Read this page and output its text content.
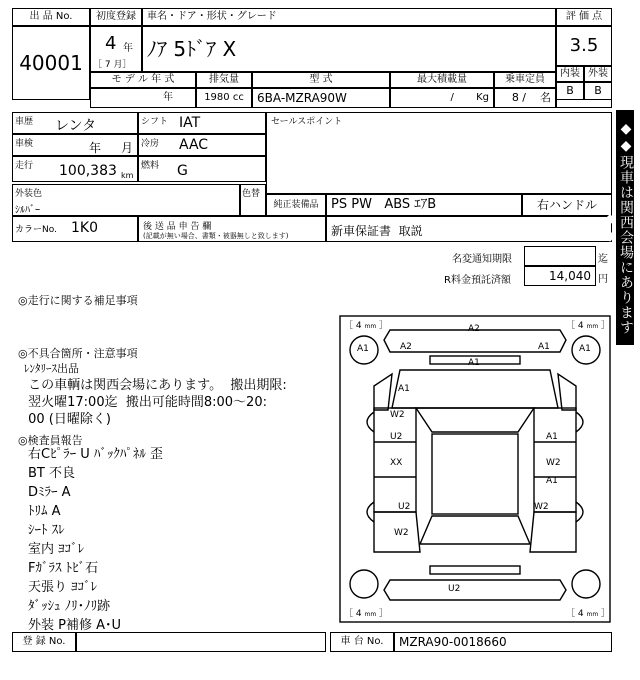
出 品 No.
40001
初度登録
4 年
［ 7 月］
車名・ドア・形状・グレード
ﾉｱ 5ﾄﾞｱ X
評 価 点
3.5
内装 外装
B	B
モ デ ル 年 式	排気量	型 式	最大積載量	乗車定員
年	1980 cc	6BA-MZRA90W	/       Kg	8 /    名
車歴 レンタ	シフト IAT	セールスポイント
車検	年 月 冷房 AAC
走行 100,383 km
燃料 G
外装色
ｼﾙﾊﾞｰ
色替
純正装備品 PS PW   ABS ｴｱB	右ハンドル
カラーNo. 1K0	後 送 品 申 告 欄
(記載が無い場合、書類・被器無しと致します)	新車保証書  取説
名変通知期限	迄
R料金預託済額	14,040 円 ◆◆現車は関西会場にあります◆◆
◎走行に関する補足事項
◎不具合箇所・注意事項
ﾚﾝﾀﾘｰｽ出品
この車輌は関西会場にあります。  搬出期限:
翌火曜17:00迄  搬出可能時間8:00～20:
00 (日曜除く)
◎検査員報告
右Cﾋﾟﾗｰ U ﾊﾞｯｸﾊﾟﾈﾙ 歪
BT 不良
Dﾐﾗｰ A
ﾄﾘﾑ A
ｼｰﾄ ｽﾚ
室内 ﾖｺﾞﾚ
Fｶﾞﾗｽ ﾄﾋﾞ石
天張り ﾖｺﾞﾚ
ﾀﾞｯｼｭ ﾉﾘ･ﾉﾘ跡
外装 P補修 A･U
［ 4 mm ］	［ 4 mm ］
［ 4 mm ］	［ 4 mm ］
A2
A1	A1
A2	A1
A1
A1
W2
U2
XX
A1
W2
A1
U2
W2
W2
U2
登 録 No.	車 台 No.	MZRA90-0018660
